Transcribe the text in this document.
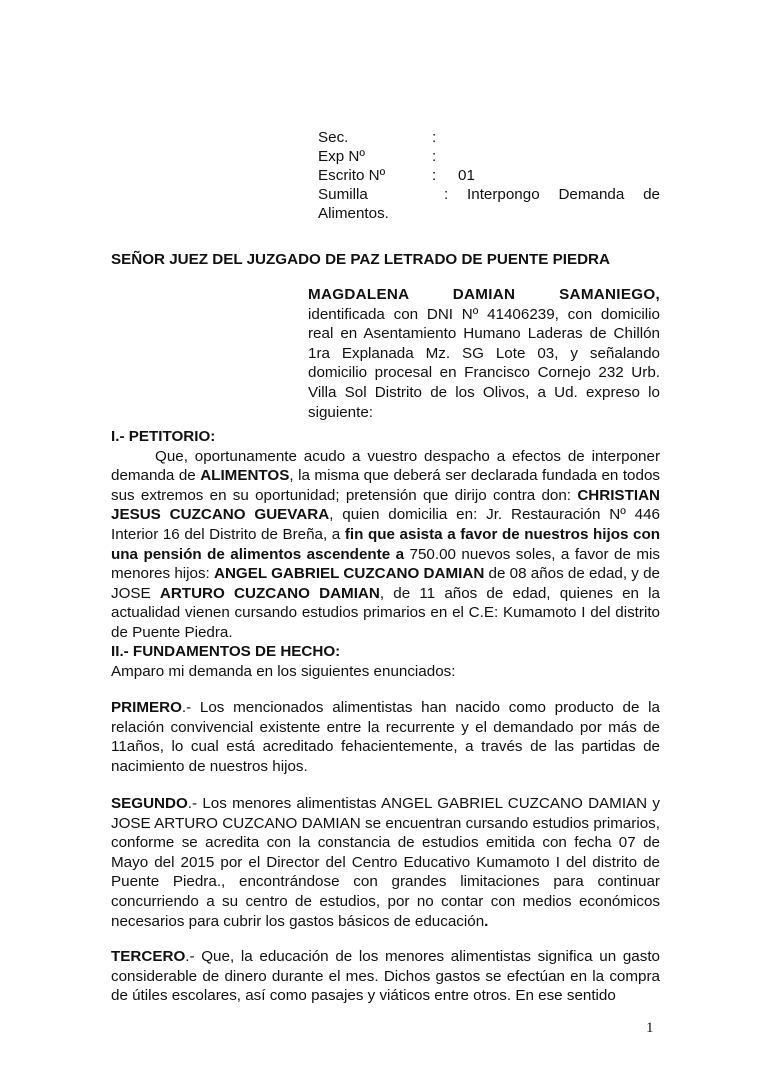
Sec.	:
Exp Nº	:
Escrito Nº	:	01
Sumilla	: Interpongo Demanda de
Alimentos.
SEÑOR JUEZ DEL JUZGADO DE PAZ LETRADO DE PUENTE PIEDRA
MAGDALENA DAMIAN SAMANIEGO, identificada con DNI Nº 41406239, con domicilio real en Asentamiento Humano Laderas de Chillón 1ra Explanada Mz. SG Lote 03, y señalando domicilio procesal en Francisco Cornejo 232 Urb. Villa Sol Distrito de los Olivos, a Ud. expreso lo siguiente:
I.- PETITORIO:
Que, oportunamente acudo a vuestro despacho a efectos de interponer demanda de ALIMENTOS, la misma que deberá ser declarada fundada en todos sus extremos en su oportunidad; pretensión que dirijo contra don: CHRISTIAN JESUS CUZCANO GUEVARA, quien domicilia en: Jr. Restauración Nº 446 Interior 16 del Distrito de Breña, a fin que asista a favor de nuestros hijos con una pensión de alimentos ascendente a 750.00 nuevos soles, a favor de mis menores hijos: ANGEL GABRIEL CUZCANO DAMIAN de 08 años de edad, y de JOSE ARTURO CUZCANO DAMIAN, de 11 años de edad, quienes en la actualidad vienen cursando estudios primarios en el C.E: Kumamoto I del distrito de Puente Piedra.
II.- FUNDAMENTOS DE HECHO:
Amparo mi demanda en los siguientes enunciados:
PRIMERO.- Los mencionados alimentistas han nacido como producto de la relación convivencial existente entre la recurrente y el demandado por más de 11años, lo cual está acreditado fehacientemente, a través de las partidas de nacimiento de nuestros hijos.
SEGUNDO.- Los menores alimentistas ANGEL GABRIEL CUZCANO DAMIAN y JOSE ARTURO CUZCANO DAMIAN se encuentran cursando estudios primarios, conforme se acredita con la constancia de estudios emitida con fecha 07 de Mayo del 2015 por el Director del Centro Educativo Kumamoto I del distrito de Puente Piedra., encontrándose con grandes limitaciones para continuar concurriendo a su centro de estudios, por no contar con medios económicos necesarios para cubrir los gastos básicos de educación.
TERCERO.- Que, la educación de los menores alimentistas significa un gasto considerable de dinero durante el mes. Dichos gastos se efectúan en la compra de útiles escolares, así como pasajes y viáticos entre otros. En ese sentido
1
